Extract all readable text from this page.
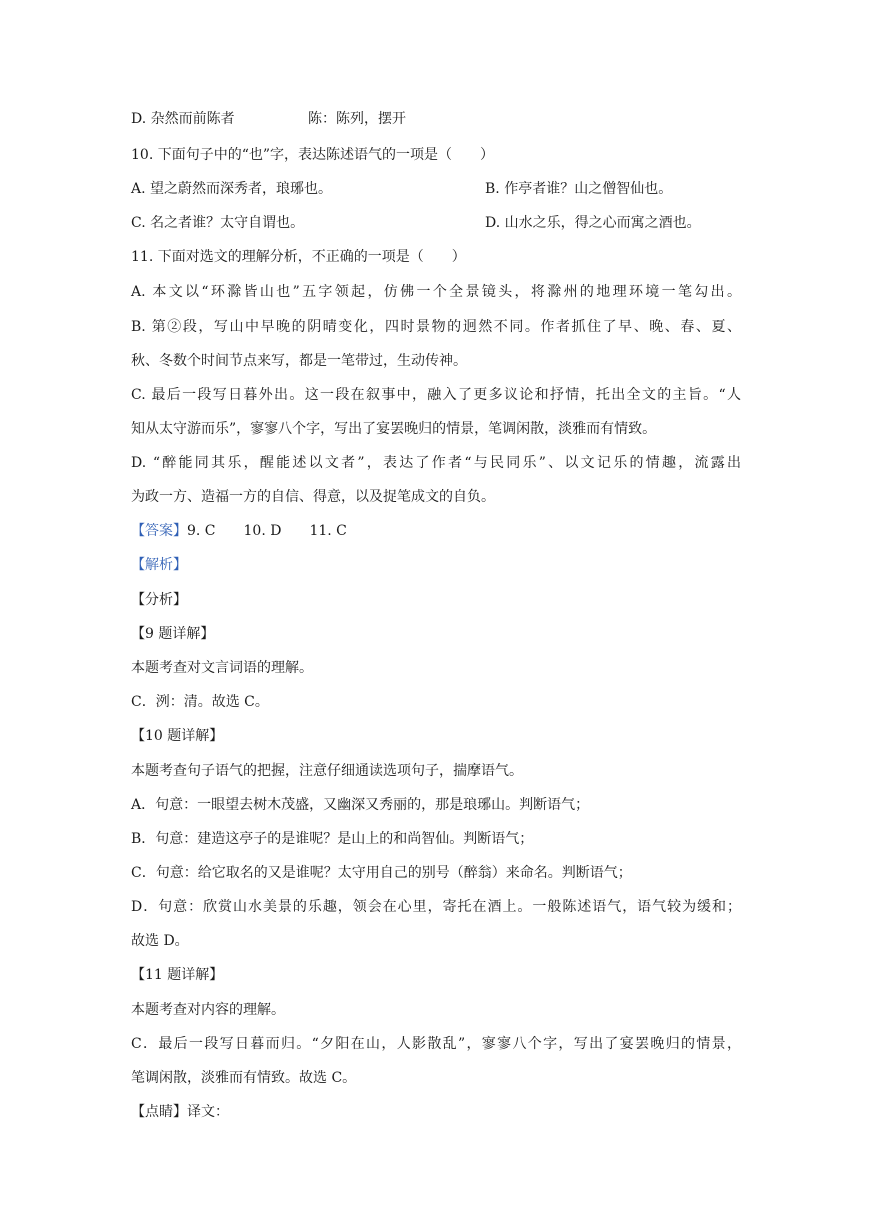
D. 杂然而前陈者	陈：陈列，摆开
10. 下面句子中的“也”字，表达陈述语气的一项是（　　）
A. 望之蔚然而深秀者，琅琊也。	B. 作亭者谁？山之僧智仙也。
C. 名之者谁？太守自谓也。	D. 山水之乐，得之心而寓之酒也。
11. 下面对选文的理解分析，不正确的一项是（　　）
A. 本文以“环滁皆山也”五字领起，仿佛一个全景镜头，将滁州的地理环境一笔勾出。
B. 第②段，写山中早晚的阴晴变化，四时景物的迥然不同。作者抓住了早、晚、春、夏、
秋、冬数个时间节点来写，都是一笔带过，生动传神。
C. 最后一段写日暮外出。这一段在叙事中，融入了更多议论和抒情，托出全文的主旨。“人
知从太守游而乐”，寥寥八个字，写出了宴罢晚归的情景，笔调闲散，淡雅而有情致。
D. “醉能同其乐，醒能述以文者”，表达了作者“与民同乐”、以文记乐的情趣，流露出
为政一方、造福一方的自信、得意，以及捉笔成文的自负。
【答案】9. C　　10. D　　11. C
【解析】
【分析】
【9 题详解】
本题考查对文言词语的理解。
C．洌：清。故选 C。
【10 题详解】
本题考查句子语气的把握，注意仔细通读选项句子，揣摩语气。
A．句意：一眼望去树木茂盛，又幽深又秀丽的，那是琅琊山。判断语气；
B．句意：建造这亭子的是谁呢？是山上的和尚智仙。判断语气；
C．句意：给它取名的又是谁呢？太守用自己的别号（醉翁）来命名。判断语气；
D．句意：欣赏山水美景的乐趣，领会在心里，寄托在酒上。一般陈述语气，语气较为缓和；
故选 D。
【11 题详解】
本题考查对内容的理解。
C．最后一段写日暮而归。“夕阳在山，人影散乱”，寥寥八个字，写出了宴罢晚归的情景，
笔调闲散，淡雅而有情致。故选 C。
【点睛】译文：
